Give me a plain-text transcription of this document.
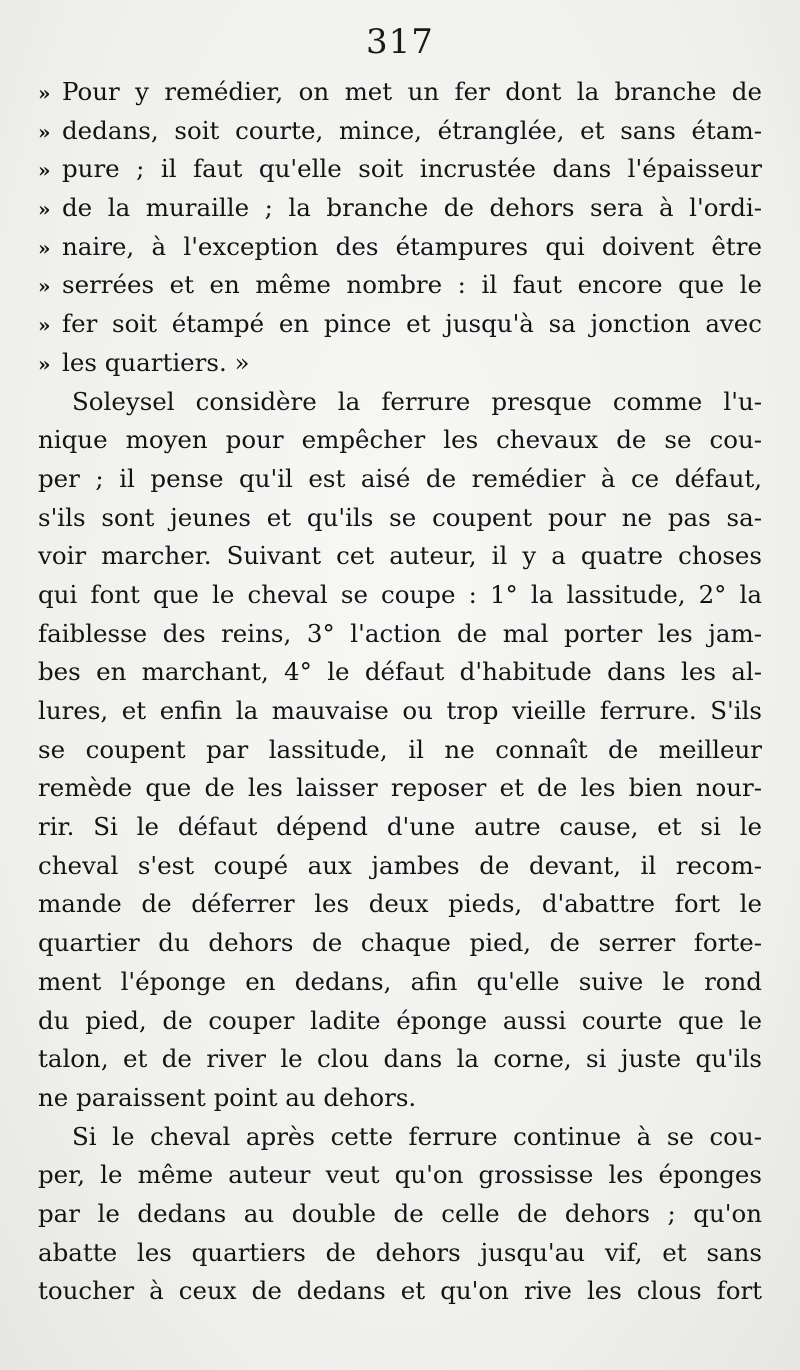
317
» Pour y remédier, on met un fer dont la branche de
» dedans, soit courte, mince, étranglée, et sans étam-
» pure ; il faut qu'elle soit incrustée dans l'épaisseur
» de la muraille ; la branche de dehors sera à l'ordi-
» naire, à l'exception des étampures qui doivent être
» serrées et en même nombre : il faut encore que le
» fer soit étampé en pince et jusqu'à sa jonction avec
» les quartiers. »
Soleysel considère la ferrure presque comme l'u-
nique moyen pour empêcher les chevaux de se cou-
per ; il pense qu'il est aisé de remédier à ce défaut,
s'ils sont jeunes et qu'ils se coupent pour ne pas sa-
voir marcher. Suivant cet auteur, il y a quatre choses
qui font que le cheval se coupe : 1° la lassitude, 2° la
faiblesse des reins, 3° l'action de mal porter les jam-
bes en marchant, 4° le défaut d'habitude dans les al-
lures, et enfin la mauvaise ou trop vieille ferrure. S'ils
se coupent par lassitude, il ne connaît de meilleur
remède que de les laisser reposer et de les bien nour-
rir. Si le défaut dépend d'une autre cause, et si le
cheval s'est coupé aux jambes de devant, il recom-
mande de déferrer les deux pieds, d'abattre fort le
quartier du dehors de chaque pied, de serrer forte-
ment l'éponge en dedans, afin qu'elle suive le rond
du pied, de couper ladite éponge aussi courte que le
talon, et de river le clou dans la corne, si juste qu'ils
ne paraissent point au dehors.
Si le cheval après cette ferrure continue à se cou-
per, le même auteur veut qu'on grossisse les éponges
par le dedans au double de celle de dehors ; qu'on
abatte les quartiers de dehors jusqu'au vif, et sans
toucher à ceux de dedans et qu'on rive les clous fort
